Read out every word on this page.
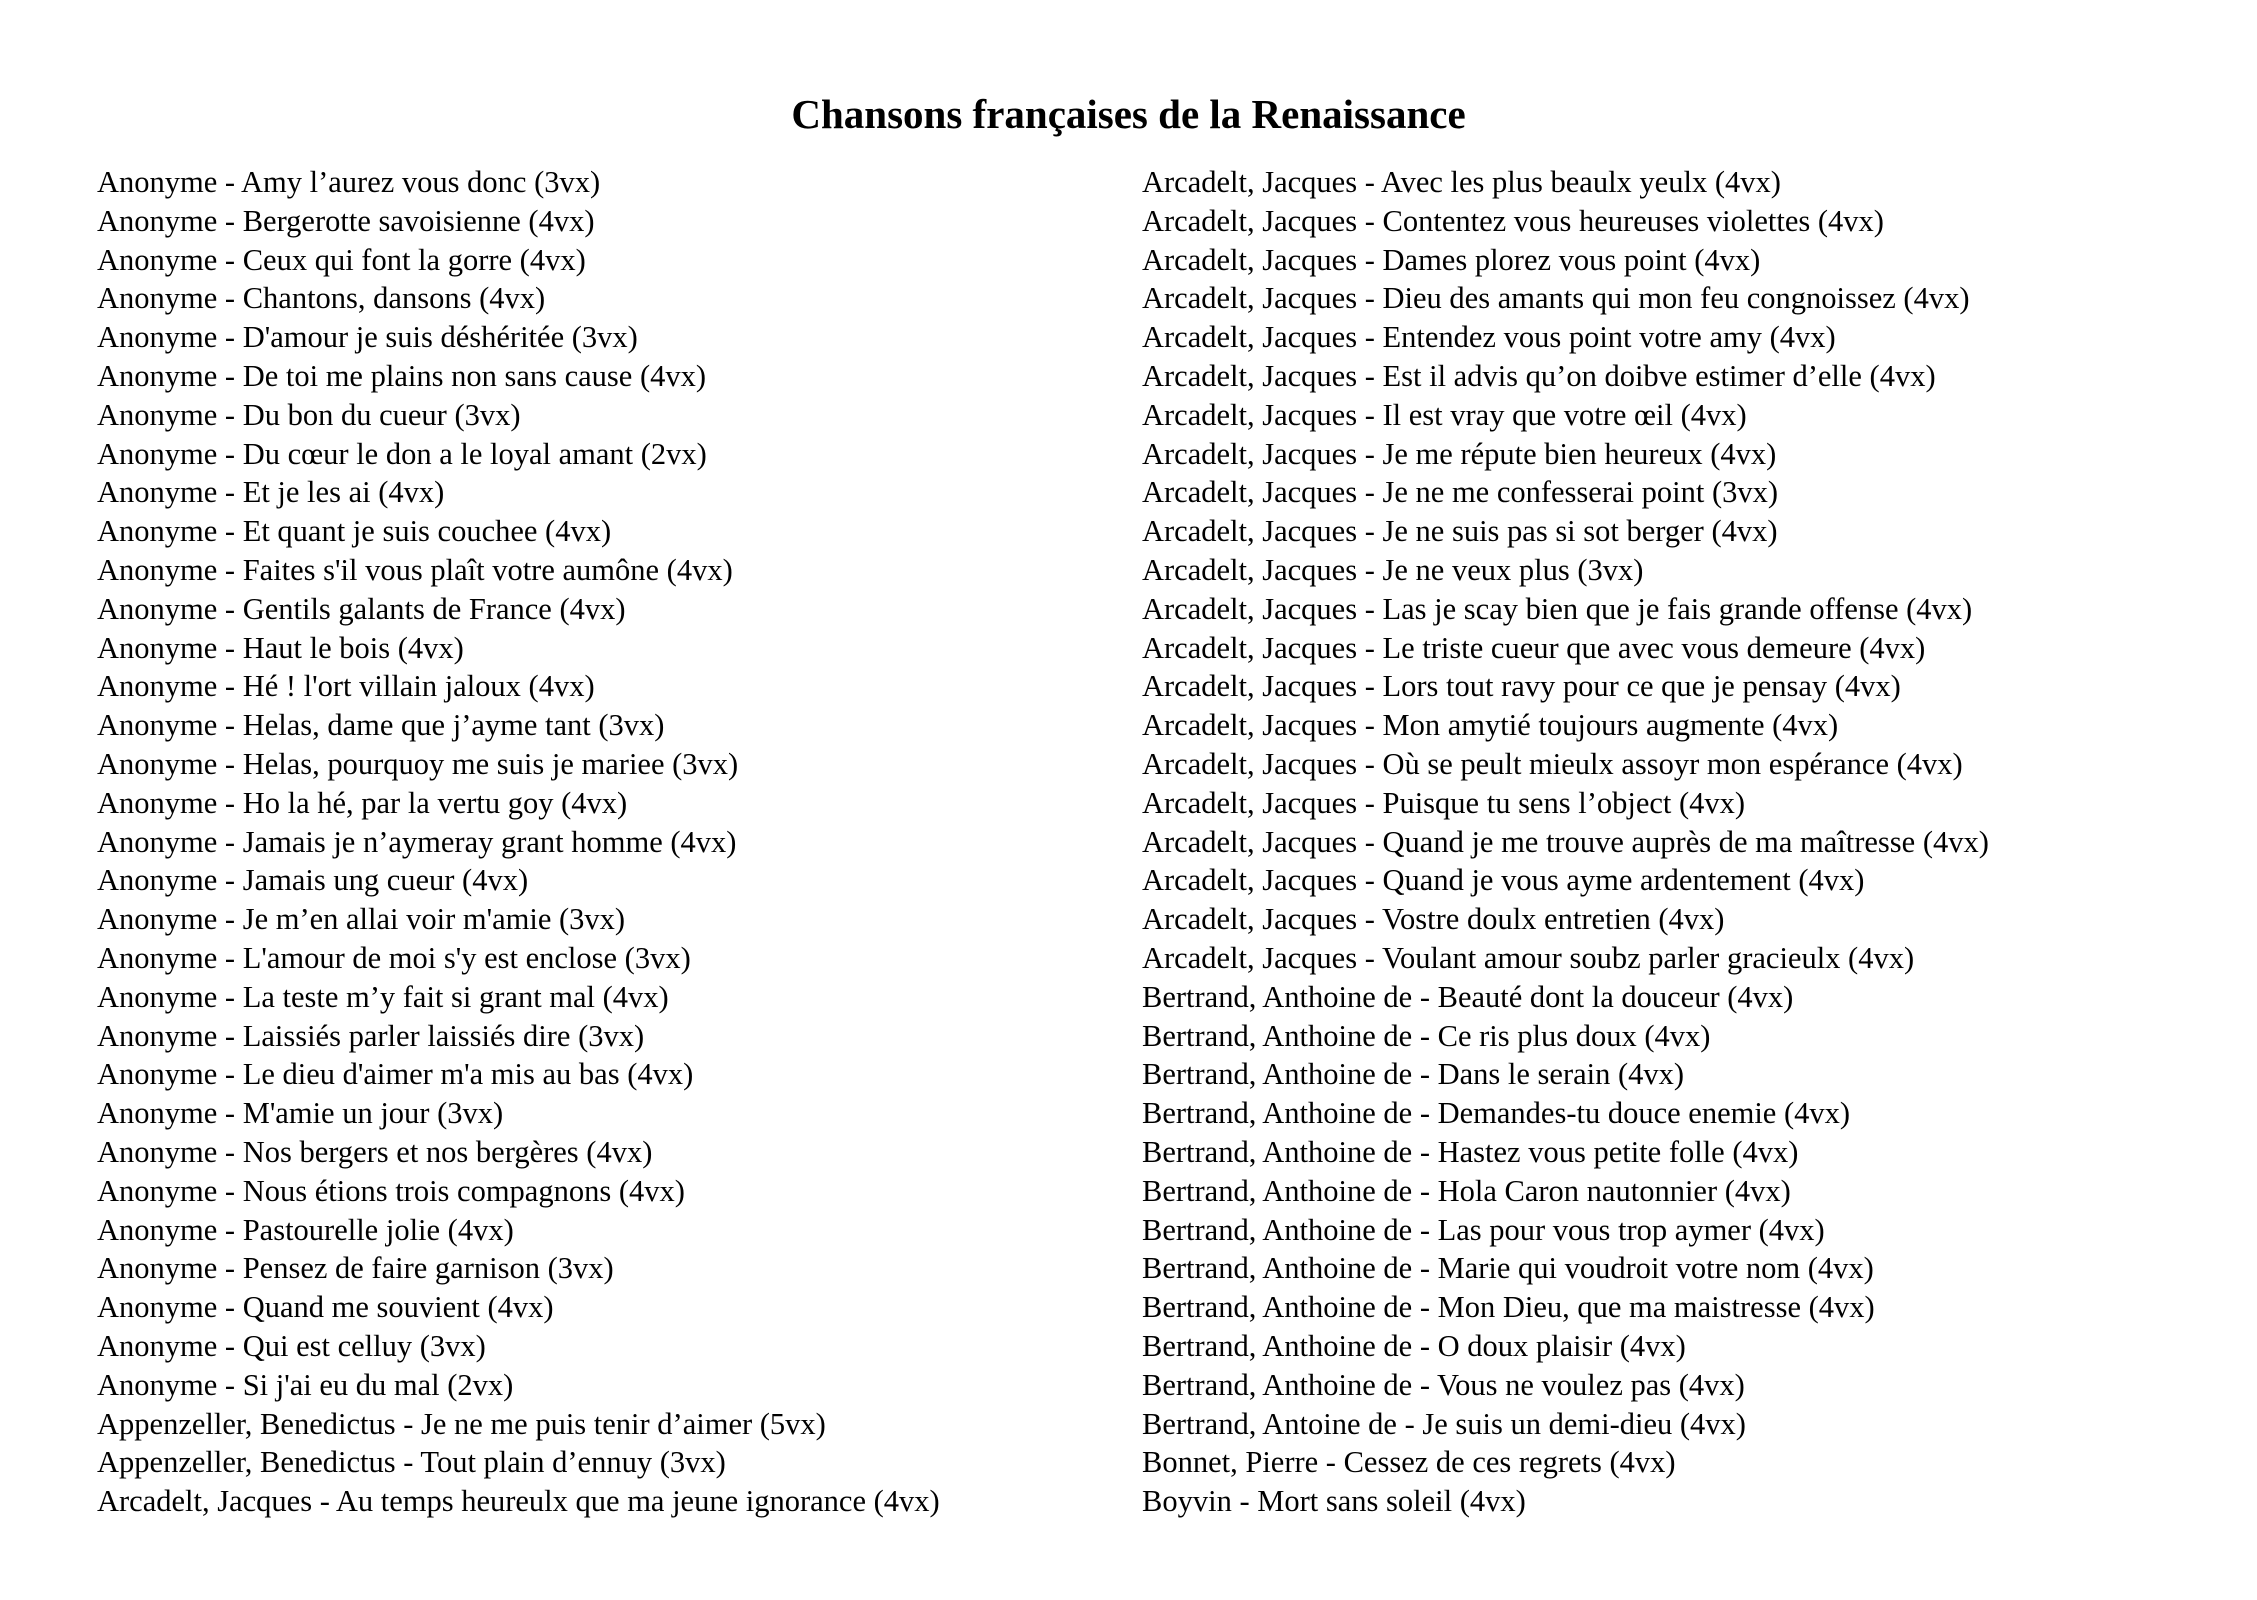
Chansons françaises de la Renaissance
Anonyme - Amy l’aurez vous donc (3vx)
Anonyme - Bergerotte savoisienne (4vx)
Anonyme - Ceux qui font la gorre (4vx)
Anonyme - Chantons, dansons (4vx)
Anonyme - D'amour je suis déshéritée (3vx)
Anonyme - De toi me plains non sans cause (4vx)
Anonyme - Du bon du cueur (3vx)
Anonyme - Du cœur le don a le loyal amant (2vx)
Anonyme - Et je les ai (4vx)
Anonyme - Et quant je suis couchee (4vx)
Anonyme - Faites s'il vous plaît votre aumône (4vx)
Anonyme - Gentils galants de France (4vx)
Anonyme - Haut le bois (4vx)
Anonyme - Hé ! l'ort villain jaloux (4vx)
Anonyme - Helas, dame que j’ayme tant (3vx)
Anonyme - Helas, pourquoy me suis je mariee (3vx)
Anonyme - Ho la hé, par la vertu goy (4vx)
Anonyme - Jamais je n’aymeray grant homme (4vx)
Anonyme - Jamais ung cueur (4vx)
Anonyme - Je m’en allai voir m'amie (3vx)
Anonyme - L'amour de moi s'y est enclose (3vx)
Anonyme - La teste m’y fait si grant mal (4vx)
Anonyme - Laissiés parler laissiés dire (3vx)
Anonyme - Le dieu d'aimer m'a mis au bas (4vx)
Anonyme - M'amie un jour (3vx)
Anonyme - Nos bergers et nos bergères (4vx)
Anonyme - Nous étions trois compagnons (4vx)
Anonyme - Pastourelle jolie (4vx)
Anonyme - Pensez de faire garnison (3vx)
Anonyme - Quand me souvient (4vx)
Anonyme - Qui est celluy (3vx)
Anonyme - Si j'ai eu du mal (2vx)
Appenzeller, Benedictus - Je ne me puis tenir d’aimer (5vx)
Appenzeller, Benedictus - Tout plain d’ennuy (3vx)
Arcadelt, Jacques - Au temps heureulx que ma jeune ignorance (4vx)
Arcadelt, Jacques - Avec les plus beaulx yeulx (4vx)
Arcadelt, Jacques - Contentez vous heureuses violettes (4vx)
Arcadelt, Jacques - Dames plorez vous point (4vx)
Arcadelt, Jacques - Dieu des amants qui mon feu congnoissez (4vx)
Arcadelt, Jacques - Entendez vous point votre amy (4vx)
Arcadelt, Jacques - Est il advis qu’on doibve estimer d’elle (4vx)
Arcadelt, Jacques - Il est vray que votre œil (4vx)
Arcadelt, Jacques - Je me répute bien heureux (4vx)
Arcadelt, Jacques - Je ne me confesserai point (3vx)
Arcadelt, Jacques - Je ne suis pas si sot berger (4vx)
Arcadelt, Jacques - Je ne veux plus (3vx)
Arcadelt, Jacques - Las je scay bien que je fais grande offense (4vx)
Arcadelt, Jacques - Le triste cueur que avec vous demeure (4vx)
Arcadelt, Jacques - Lors tout ravy pour ce que je pensay (4vx)
Arcadelt, Jacques - Mon amytié toujours augmente (4vx)
Arcadelt, Jacques - Où se peult mieulx assoyr mon espérance (4vx)
Arcadelt, Jacques - Puisque tu sens l’object (4vx)
Arcadelt, Jacques - Quand je me trouve auprès de ma maîtresse (4vx)
Arcadelt, Jacques - Quand je vous ayme ardentement (4vx)
Arcadelt, Jacques - Vostre doulx entretien (4vx)
Arcadelt, Jacques - Voulant amour soubz parler gracieulx (4vx)
Bertrand, Anthoine de - Beauté dont la douceur (4vx)
Bertrand, Anthoine de - Ce ris plus doux (4vx)
Bertrand, Anthoine de - Dans le serain (4vx)
Bertrand, Anthoine de - Demandes-tu douce enemie (4vx)
Bertrand, Anthoine de - Hastez vous petite folle (4vx)
Bertrand, Anthoine de - Hola Caron nautonnier (4vx)
Bertrand, Anthoine de - Las pour vous trop aymer (4vx)
Bertrand, Anthoine de - Marie qui voudroit votre nom (4vx)
Bertrand, Anthoine de - Mon Dieu, que ma maistresse (4vx)
Bertrand, Anthoine de - O doux plaisir (4vx)
Bertrand, Anthoine de - Vous ne voulez pas (4vx)
Bertrand, Antoine de - Je suis un demi-dieu (4vx)
Bonnet, Pierre - Cessez de ces regrets (4vx)
Boyvin - Mort sans soleil (4vx)
